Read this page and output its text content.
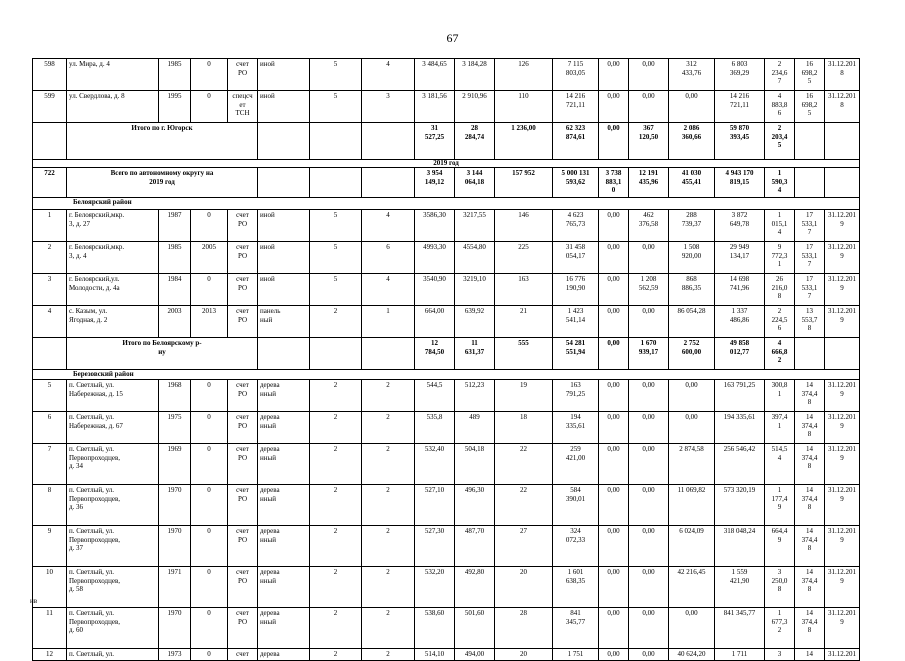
67
598	ул. Мира, д. 4	1985	0	счет
РО	иной	5	4	3 484,65	3 184,28	126	7 115
803,05	0,00	0,00	312
433,76	6 803
369,29	2
234,6
7	16
698,2
5	31.12.201
8
599	ул. Свердлова, д. 8	1995	0	спецсч
ет
ТСН	иной	5	3	3 181,56	2 910,96	110	14 216
721,11	0,00	0,00	0,00	14 216
721,11	4
883,8
6	16
698,2
5	31.12.201
8
	Итого по г. Югорск							31
527,25	28
284,74	1 236,00	62 323
874,61	0,00	367
120,50	2 086
360,66	59 870
393,45	2
203,4
5		
2019 год																		
722	Всего по автономному округу на
2019 год							3 954
149,12	3 144
064,18	157 952	5 000 131
593,62	3 738
883,1
0	12 191
435,96	41 030
455,41	4 943 170
819,15	1
590,3
4		
Белоярский район																		
1	г. Белоярский,мкр.
3, д. 27	1987	0	счет
РО	иной	5	4	3586,30	3217,55	146	4 623
765,73	0,00	462
376,58	288
739,37	3 872
649,78	1
015,1
4	17
533,1
7	31.12.201
9
2	г. Белоярский,мкр.
3, д. 4	1985	2005	счет
РО	иной	5	6	4993,30	4554,80	225	31 458
054,17	0,00	0,00	1 508
920,00	29 949
134,17	9
772,3
1	17
533,1
7	31.12.201
9
3	г. Белоярский,ул.
Молодости, д. 4а	1984	0	счет
РО	иной	5	4	3540,90	3219,10	163	16 776
190,90	0,00	1 208
562,59	868
886,35	14 698
741,96	26
216,0
8	17
533,1
7	31.12.201
9
4	с. Казым, ул.
Ягодная, д. 2	2003	2013	счет
РО	панель
ный	2	1	664,00	639,92	21	1 423
541,14	0,00	0,00	86 054,28	1 337
486,86	2
224,5
6	13
553,7
8	31.12.201
9
	Итого по Белоярскому р-
ну							12
784,50	11
631,37	555	54 281
551,94	0,00	1 670
939,17	2 752
600,00	49 858
012,77	4
666,8
2		
Березовский район																		
5	п. Светлый, ул.
Набережная, д. 15	1968	0	счет
РО	дерева
нный	2	2	544,5	512,23	19	163
791,25	0,00	0,00	0,00	163 791,25	300,8
1	14
374,4
8	31.12.201
9
6	п. Светлый, ул.
Набережная, д. 67	1975	0	счет
РО	дерева
нный	2	2	535,8	489	18	194
335,61	0,00	0,00	0,00	194 335,61	397,4
1	14
374,4
8	31.12.201
9
7	п. Светлый, ул.
Первопроходцев,
д. 34	1969	0	счет
РО	дерева
нный	2	2	532,40	504,18	22	259
421,00	0,00	0,00	2 874,58	256 546,42	514,5
4	14
374,4
8	31.12.201
9
8	п. Светлый, ул.
Первопроходцев,
д. 36	1970	0	счет
РО	дерева
нный	2	2	527,10	496,30	22	584
390,01	0,00	0,00	11 069,82	573 320,19	1
177,4
9	14
374,4
8	31.12.201
9
9	п. Светлый, ул.
Первопроходцев,
д. 37	1970	0	счет
РО	дерева
нный	2	2	527,30	487,70	27	324
072,33	0,00	0,00	6 024,09	318 048,24	664,4
9	14
374,4
8	31.12.201
9
10	п. Светлый, ул.
Первопроходцев,
д. 58	1971	0	счет
РО	дерева
нный	2	2	532,20	492,80	20	1 601
638,35	0,00	0,00	42 216,45	1 559
421,90	3
250,0
8	14
374,4
8	31.12.201
9
11	п. Светлый, ул.
Первопроходцев,
д. 60	1970	0	счет
РО	дерева
нный	2	2	538,60	501,60	28	841
345,77	0,00	0,00	0,00	841 345,77	1
677,3
2	14
374,4
8	31.12.201
9
12	п. Светлый, ул.	1973	0	счет	дерева	2	2	514,10	494,00	20	1 751	0,00	0,00	40 624,20	1 711	3	14	31.12.201
нв
